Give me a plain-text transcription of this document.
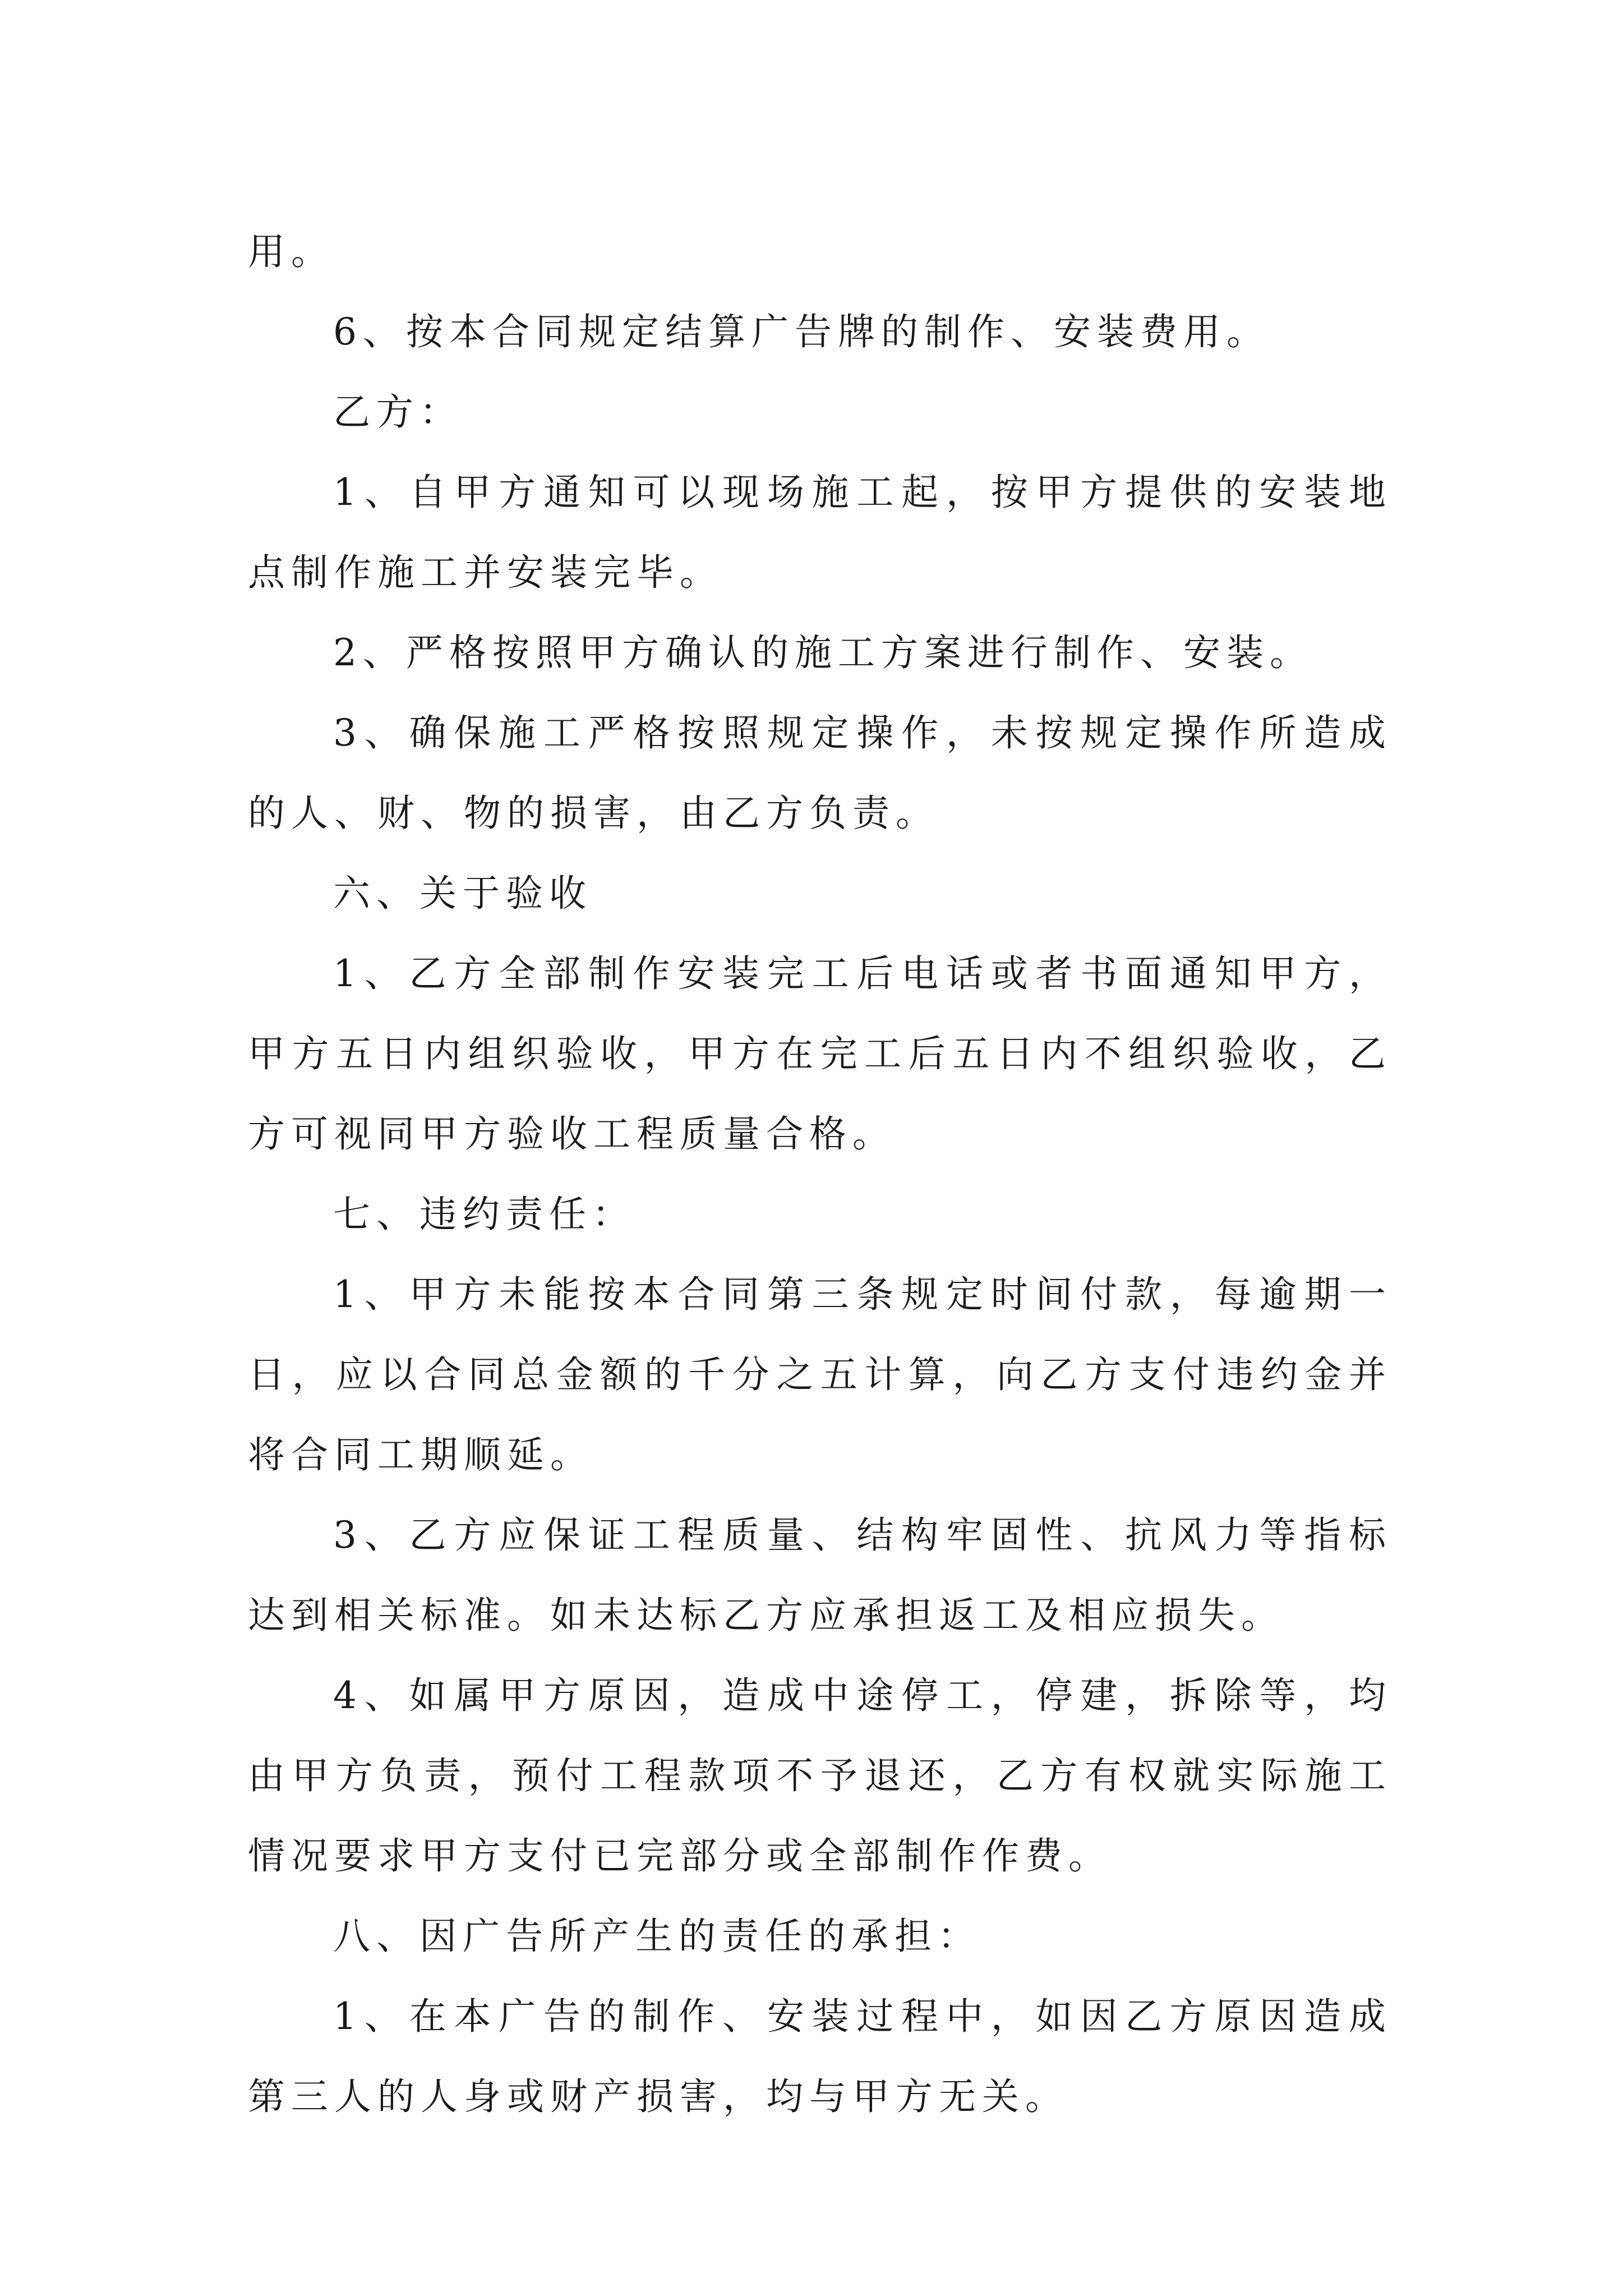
用。

6、按本合同规定结算广告牌的制作、安装费用。

乙方：

1、自甲方通知可以现场施工起，按甲方提供的安装地点制作施工并安装完毕。

2、严格按照甲方确认的施工方案进行制作、安装。

3、确保施工严格按照规定操作，未按规定操作所造成的人、财、物的损害，由乙方负责。

六、关于验收

1、乙方全部制作安装完工后电话或者书面通知甲方，甲方五日内组织验收，甲方在完工后五日内不组织验收，乙方可视同甲方验收工程质量合格。

七、违约责任：

1、甲方未能按本合同第三条规定时间付款，每逾期一日，应以合同总金额的千分之五计算，向乙方支付违约金并将合同工期顺延。

3、乙方应保证工程质量、结构牢固性、抗风力等指标达到相关标准。如未达标乙方应承担返工及相应损失。

4、如属甲方原因，造成中途停工，停建，拆除等，均由甲方负责，预付工程款项不予退还，乙方有权就实际施工情况要求甲方支付已完部分或全部制作作费。

八、因广告所产生的责任的承担：

1、在本广告的制作、安装过程中，如因乙方原因造成第三人的人身或财产损害，均与甲方无关。
